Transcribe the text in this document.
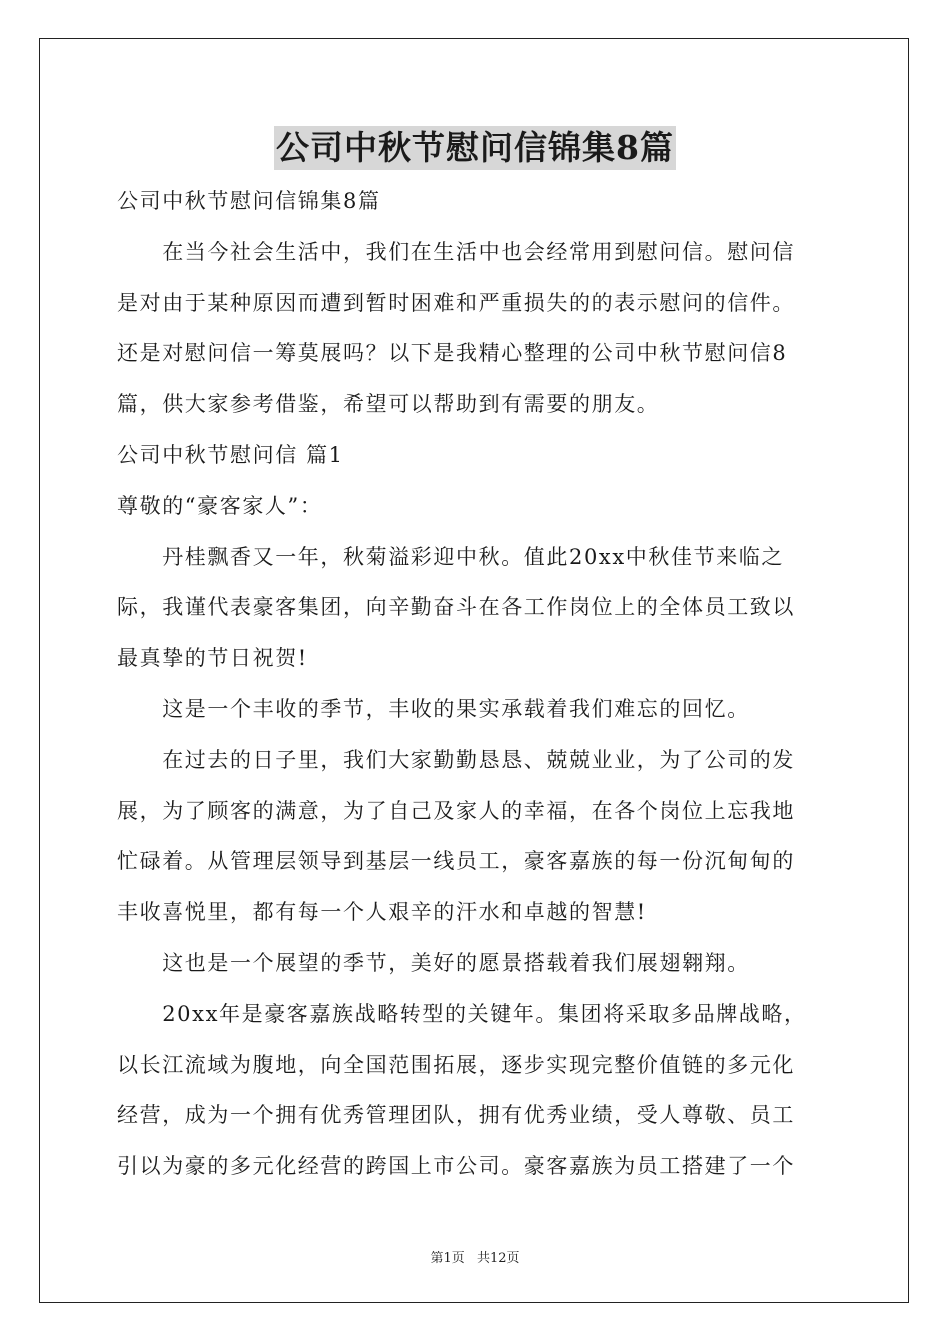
公司中秋节慰问信锦集8篇
公司中秋节慰问信锦集8篇
　　在当今社会生活中，我们在生活中也会经常用到慰问信。慰问信
是对由于某种原因而遭到暂时困难和严重损失的的表示慰问的信件。
还是对慰问信一筹莫展吗？以下是我精心整理的公司中秋节慰问信8
篇，供大家参考借鉴，希望可以帮助到有需要的朋友。
公司中秋节慰问信 篇1
尊敬的“豪客家人”：
　　丹桂飘香又一年，秋菊溢彩迎中秋。值此20xx中秋佳节来临之
际，我谨代表豪客集团，向辛勤奋斗在各工作岗位上的全体员工致以
最真挚的节日祝贺!
　　这是一个丰收的季节，丰收的果实承载着我们难忘的回忆。
　　在过去的日子里，我们大家勤勤恳恳、兢兢业业，为了公司的发
展，为了顾客的满意，为了自己及家人的幸福，在各个岗位上忘我地
忙碌着。从管理层领导到基层一线员工，豪客嘉族的每一份沉甸甸的
丰收喜悦里，都有每一个人艰辛的汗水和卓越的智慧!
　　这也是一个展望的季节，美好的愿景搭载着我们展翅翱翔。
　　20xx年是豪客嘉族战略转型的关键年。集团将采取多品牌战略，
以长江流域为腹地，向全国范围拓展，逐步实现完整价值链的多元化
经营，成为一个拥有优秀管理团队，拥有优秀业绩，受人尊敬、员工
引以为豪的多元化经营的跨国上市公司。豪客嘉族为员工搭建了一个
第1页 共12页
